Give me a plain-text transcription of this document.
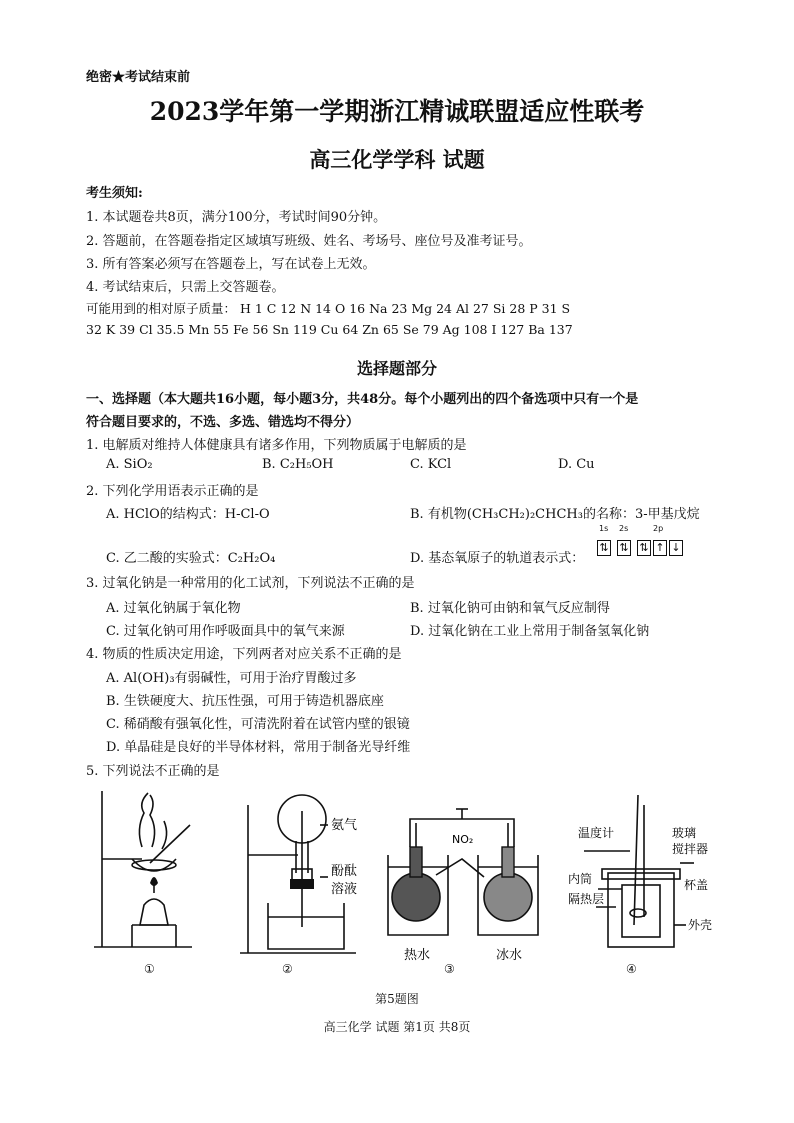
绝密★考试结束前
2023学年第一学期浙江精诚联盟适应性联考
高三化学学科 试题
考生须知:
1. 本试题卷共8页，满分100分，考试时间90分钟。
2. 答题前，在答题卷指定区域填写班级、姓名、考场号、座位号及准考证号。
3. 所有答案必须写在答题卷上，写在试卷上无效。
4. 考试结束后，只需上交答题卷。
可能用到的相对原子质量： H 1 C 12 N 14 O 16 Na 23 Mg 24 Al 27 Si 28 P 31 S
32 K 39 Cl 35.5 Mn 55 Fe 56 Sn 119 Cu 64 Zn 65 Se 79 Ag 108 I 127 Ba 137
选择题部分
一、选择题（本大题共16小题，每小题3分，共48分。每个小题列出的四个备选项中只有一个是
符合题目要求的，不选、多选、错选均不得分）
1. 电解质对维持人体健康具有诸多作用，下列物质属于电解质的是
A. SiO₂	B. C₂H₅OH	C. KCl	D. Cu
2. 下列化学用语表示正确的是
A. HClO的结构式：H-Cl-O	B. 有机物(CH₃CH₂)₂CHCH₃的名称：3-甲基戊烷
C. 乙二酸的实验式：C₂H₂O₄	D. 基态氧原子的轨道表示式：
⇅
1s
⇅
2s
⇅ ↑ ↓
2p
3. 过氧化钠是一种常用的化工试剂，下列说法不正确的是
A. 过氧化钠属于氧化物	B. 过氧化钠可由钠和氧气反应制得
C. 过氧化钠可用作呼吸面具中的氧气来源	D. 过氧化钠在工业上常用于制备氢氧化钠
4. 物质的性质决定用途，下列两者对应关系不正确的是
A. Al(OH)₃有弱碱性，可用于治疗胃酸过多
B. 生铁硬度大、抗压性强，可用于铸造机器底座
C. 稀硝酸有强氧化性，可清洗附着在试管内壁的银镜
D. 单晶硅是良好的半导体材料，常用于制备光导纤维
5. 下列说法不正确的是
氨气
酚酞
溶液
NO₂
热水	冰水
温度计	玻璃
搅拌器
内筒	杯盖
隔热层
外壳
①	②	③	④
第5题图
高三化学 试题 第1页 共8页
